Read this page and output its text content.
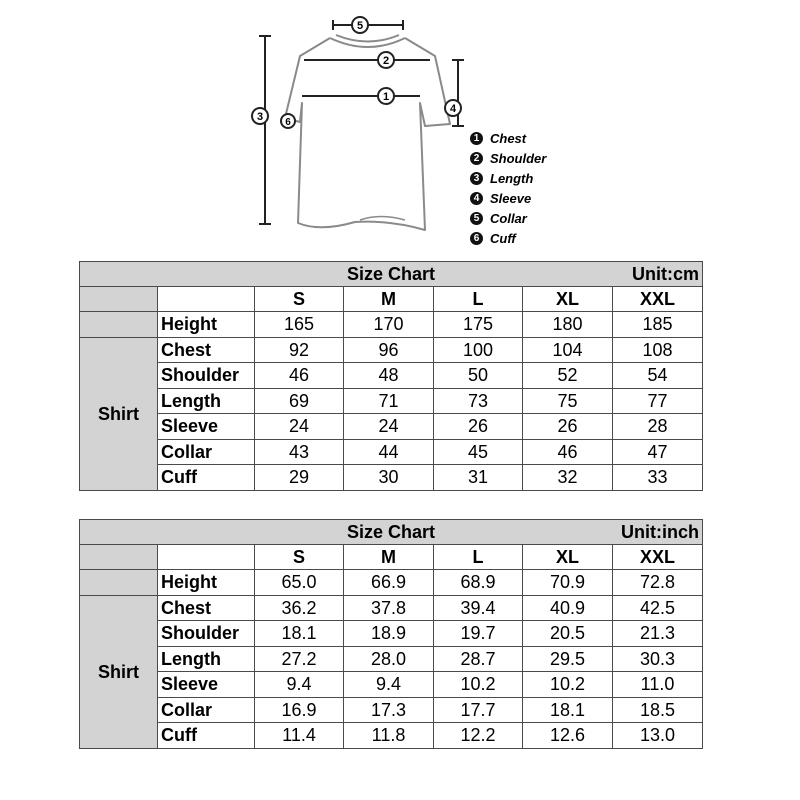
5
2
1
3
4
6
1 Chest
2 Shoulder
3 Length
4 Sleeve
5 Collar
6 Cuff
Size Chart Unit:cm						

		S	M	L	XL	XXL
	Height	165	170	175	180	185
Shirt	Chest	92	96	100	104	108
	Shoulder	46	48	50	52	54
	Length	69	71	73	75	77
	Sleeve	24	24	26	26	28
	Collar	43	44	45	46	47
	Cuff	29	30	31	32	33
Size Chart Unit:inch						

		S	M	L	XL	XXL
	Height	65.0	66.9	68.9	70.9	72.8
Shirt	Chest	36.2	37.8	39.4	40.9	42.5
	Shoulder	18.1	18.9	19.7	20.5	21.3
	Length	27.2	28.0	28.7	29.5	30.3
	Sleeve	9.4	9.4	10.2	10.2	11.0
	Collar	16.9	17.3	17.7	18.1	18.5
	Cuff	11.4	11.8	12.2	12.6	13.0
